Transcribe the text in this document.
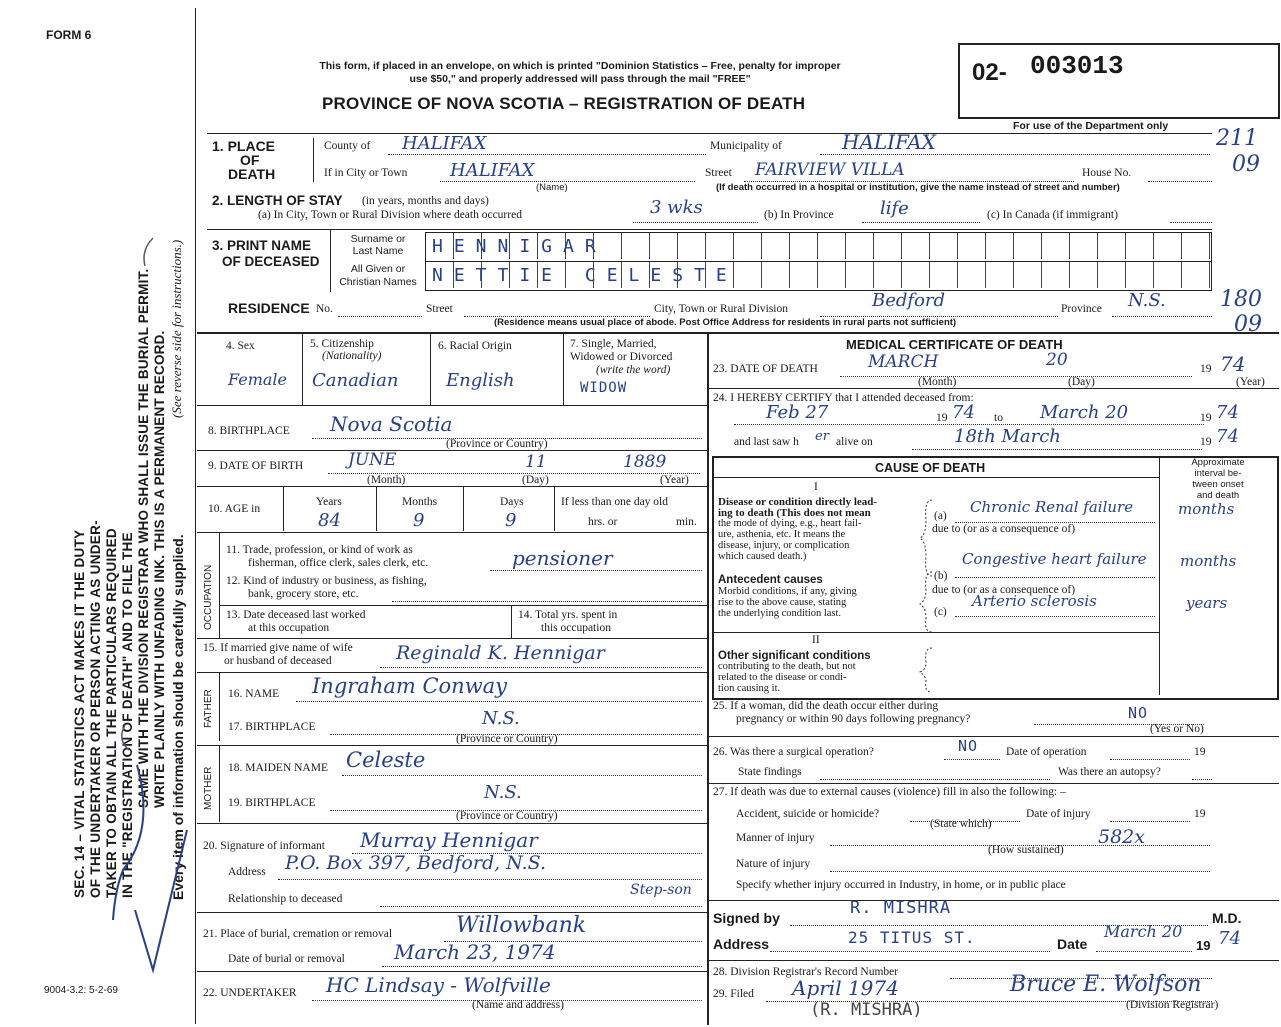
FORM 6
SEC. 14 – VITAL STATISTICS ACT MAKES IT THE DUTY OF THE UNDERTAKER OR PERSON ACTING AS UNDER- TAKER TO OBTAIN ALL THE PARTICULARS REQUIRED IN THE "REGISTRATION OF DEATH" AND TO FILE THE SAME WITH THE DIVISION REGISTRAR WHO SHALL ISSUE THE BURIAL PERMIT. WRITE PLAINLY WITH UNFADING INK. THIS IS A PERMANENT RECORD.
(See reverse side for instructions.)
Every item of information should be carefully supplied.
9004-3.2: 5-2-69
This form, if placed in an envelope, on which is printed "Dominion Statistics – Free, penalty for improper
use $50," and properly addressed will pass through the mail "FREE"
PROVINCE OF NOVA SCOTIA – REGISTRATION OF DEATH
02- 003013
For use of the Department only 211
09
180
09
1. PLACE
OF
DEATH
County of HALIFAX	Municipality of	HALIFAX
If in City or Town HALIFAX
(Name)
Street FAIRVIEW VILLA	House No.
(If death occurred in a hospital or institution, give the name instead of street and number)
2. LENGTH OF STAY (in years, months and days)
(a) In City, Town or Rural Division where death occurred	3 wks	(b) In Province	life	(c) In Canada (if immigrant)
3. PRINT NAME
OF DECEASED
Surname or
Last Name
All Given or
Christian Names
HENNIGAR
NETTIE CELESTE
RESIDENCE No.	Street	City, Town or Rural Division	Bedford	Province N.S.
(Residence means usual place of abode. Post Office Address for residents in rural parts not sufficient)
4. Sex
Female
5. Citizenship
(Nationality)
Canadian
6. Racial Origin
English
7. Single, Married,
Widowed or Divorced
(write the word)
WIDOW
8. BIRTHPLACE Nova Scotia
(Province or Country)
9. DATE OF BIRTH	JUNE	11	1889
(Month)	(Day)	(Year)
10. AGE in
Years	Months	Days
84	9	9
If less than one day old
hrs. or	min.
OCCUPATION
11. Trade, profession, or kind of work as
fisherman, office clerk, sales clerk, etc.	pensioner
12. Kind of industry or business, as fishing,
bank, grocery store, etc.
13. Date deceased last worked
at this occupation
14. Total yrs. spent in
this occupation
15. If married give name of wife
or husband of deceased	Reginald K. Hennigar
FATHER 16. NAME Ingraham Conway
17. BIRTHPLACE	N.S.
(Province or Country)
MOTHER 18. MAIDEN NAME Celeste
19. BIRTHPLACE	N.S.
(Province or Country)
20. Signature of informant Murray Hennigar
Address P.O. Box 397, Bedford, N.S.
Relationship to deceased
Step-son
21. Place of burial, cremation or removal	Willowbank
Date of burial or removal March 23, 1974
22. UNDERTAKER HC Lindsay - Wolfville
(Name and address)
MEDICAL CERTIFICATE OF DEATH
23. DATE OF DEATH	MARCH	20	19 74
(Month)	(Day)	(Year)
24. I HEREBY CERTIFY that I attended deceased from:
Feb 27	19 74 to March 20	19 74
and last saw h er alive on	18th March	19 74
CAUSE OF DEATH	Approximate
interval be-
tween onset
and death
I
Disease or condition directly lead-
ing to death (This does not mean
the mode of dying, e.g., heart fail-
ure, asthenia, etc. It means the
disease, injury, or complication
which caused death.)
(a) Chronic Renal failure	months
due to (or as a consequence of)
Antecedent causes
Morbid conditions, if any, giving
rise to the above cause, stating
the underlying condition last.
(b)
Congestive heart failure months
due to (or as a consequence of)
(c)
Arterio sclerosis	years
II
Other significant conditions
contributing to the death, but not
related to the disease or condi-
tion causing it.
25. If a woman, did the death occur either during
pregnancy or within 90 days following pregnancy?	NO
(Yes or No)
26. Was there a surgical operation?	NO Date of operation	19
State findings	Was there an autopsy?
27. If death was due to external causes (violence) fill in also the following: –
Accident, suicide or homicide?
(State which)
Date of injury	19
Manner of injury	582x
(How sustained)
Nature of injury
Specify whether injury occurred in Industry, in home, or in public place
Signed by	R. MISHRA	M.D.
Address	25 TITUS ST.	Date
March 20
19 74
28. Division Registrar's Record Number
29. Filed April 1974	Bruce E. Wolfson
(Division Registrar)
(R. MISHRA)
